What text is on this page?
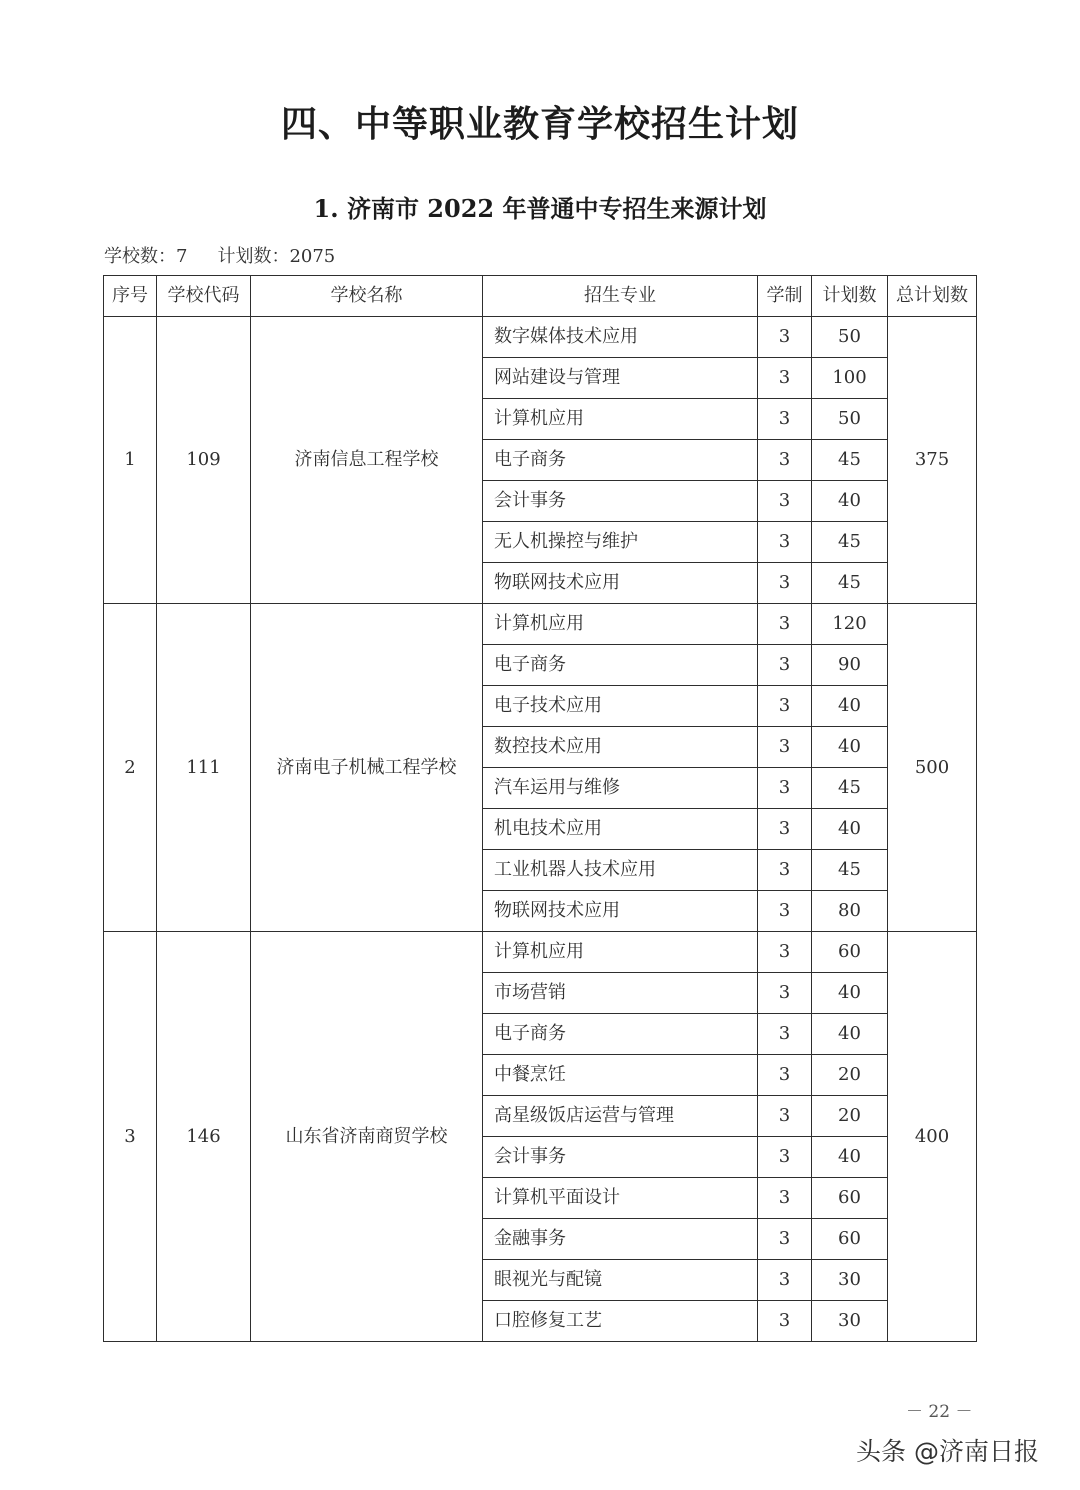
四、中等职业教育学校招生计划
1. 济南市 2022 年普通中专招生来源计划
学校数：7 计划数：2075
序号	学校代码	学校名称	招生专业	学制	计划数	总计划数
1	109	济南信息工程学校	数字媒体技术应用	3	50	375
			网站建设与管理	3	100	
			计算机应用	3	50	
			电子商务	3	45	
			会计事务	3	40	
			无人机操控与维护	3	45	
			物联网技术应用	3	45	
2	111	济南电子机械工程学校	计算机应用	3	120	500
			电子商务	3	90	
			电子技术应用	3	40	
			数控技术应用	3	40	
			汽车运用与维修	3	45	
			机电技术应用	3	40	
			工业机器人技术应用	3	45	
			物联网技术应用	3	80	
3	146	山东省济南商贸学校	计算机应用	3	60	400
			市场营销	3	40	
			电子商务	3	40	
			中餐烹饪	3	20	
			高星级饭店运营与管理	3	20	
			会计事务	3	40	
			计算机平面设计	3	60	
			金融事务	3	60	
			眼视光与配镜	3	30	
			口腔修复工艺	3	30	
－ 22 －
头条 @济南日报
